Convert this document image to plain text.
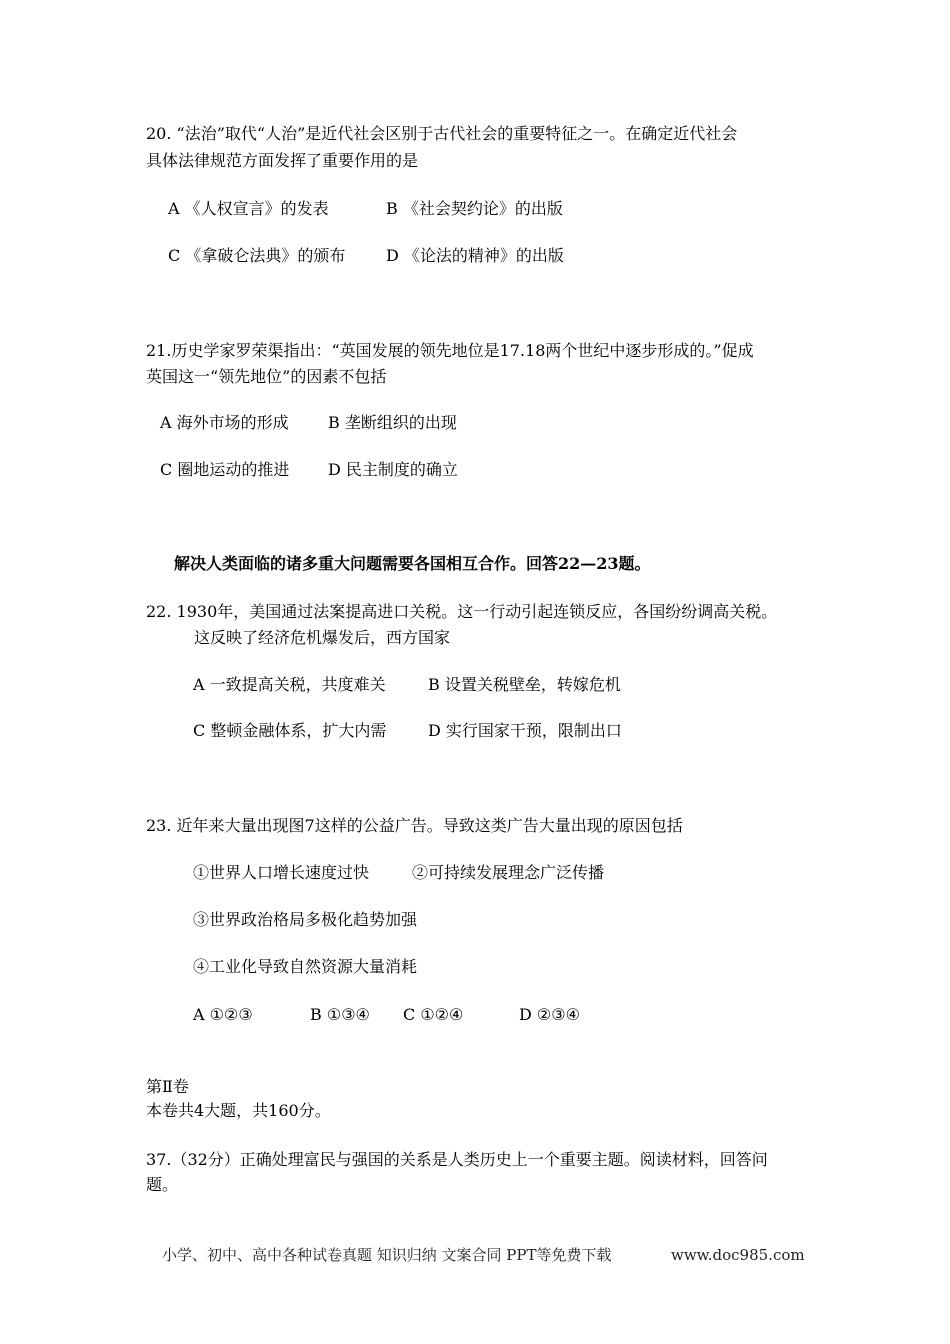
20. “法治”取代“人治”是近代社会区别于古代社会的重要特征之一。在确定近代社会
具体法律规范方面发挥了重要作用的是
A 《人权宣言》的发表	B 《社会契约论》的出版
C 《拿破仑法典》的颁布	D 《论法的精神》的出版
21.历史学家罗荣渠指出：“英国发展的领先地位是17.18两个世纪中逐步形成的。”促成
英国这一“领先地位”的因素不包括
A 海外市场的形成 B 垄断组织的出现
C 圈地运动的推进 D 民主制度的确立
解决人类面临的诸多重大问题需要各国相互合作。回答22—23题。
22. 1930年，美国通过法案提高进口关税。这一行动引起连锁反应，各国纷纷调高关税。
这反映了经济危机爆发后，西方国家
A 一致提高关税，共度难关	B 设置关税壁垒，转嫁危机
C 整顿金融体系，扩大内需	D 实行国家干预，限制出口
23. 近年来大量出现图7这样的公益广告。导致这类广告大量出现的原因包括
①世界人口增长速度过快	②可持续发展理念广泛传播
③世界政治格局多极化趋势加强
④工业化导致自然资源大量消耗
A ①②③	B ①③④ C ①②④	D ②③④
第Ⅱ卷
本卷共4大题，共160分。
37.（32分）正确处理富民与强国的关系是人类历史上一个重要主题。阅读材料，回答问
题。
小学、初中、高中各种试卷真题 知识归纳 文案合同 PPT等免费下载	www.doc985.com
